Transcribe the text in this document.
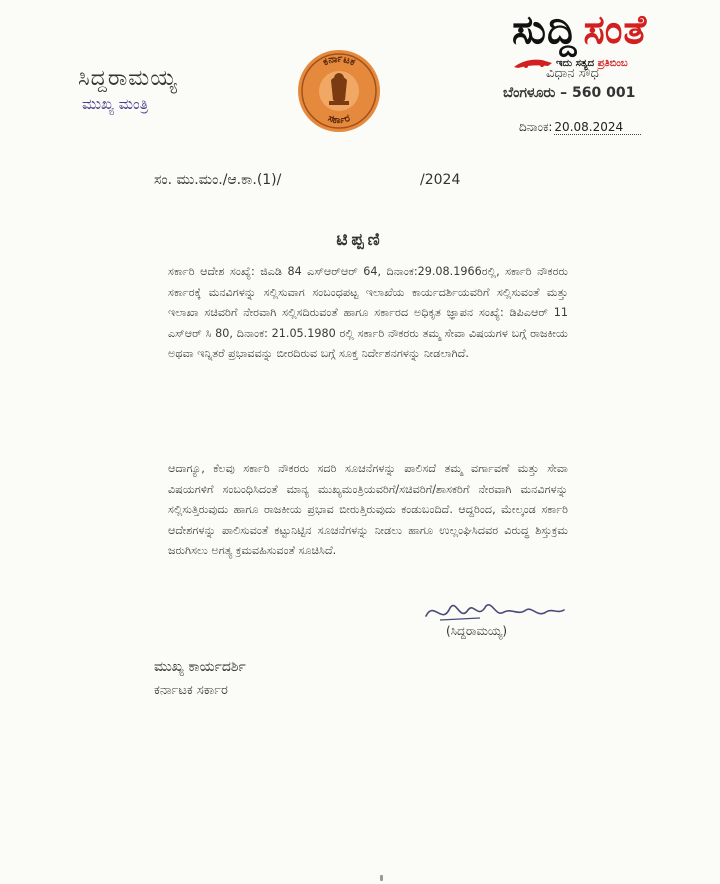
ಸುದ್ದಿ ಸಂತೆ
ಇದು ಸತ್ಯದ ಪ್ರತಿಬಿಂಬ
ಸಿದ್ದರಾಮಯ್ಯ
ಮುಖ್ಯ ಮಂತ್ರಿ
ಕರ್ನಾಟಕ
ಸರ್ಕಾರ
ವಿಧಾನ ಸೌಧ
ಬೆಂಗಳೂರು – 560 001
ದಿನಾಂಕ: 20.08.2024
ಸಂ. ಮು.ಮಂ./ಆ.ಕಾ.(1)/	/2024
ಟಿಪ್ಪಣಿ
ಸರ್ಕಾರಿ ಆದೇಶ ಸಂಖ್ಯೆ: ಜಿಎಡಿ 84 ಎಸ್‌ಆರ್‌ಆರ್ 64, ದಿನಾಂಕ:29.08.1966ರಲ್ಲಿ, ಸರ್ಕಾರಿ ನೌಕರರು ಸರ್ಕಾರಕ್ಕೆ ಮನವಿಗಳನ್ನು ಸಲ್ಲಿಸುವಾಗ ಸಂಬಂಧಪಟ್ಟ ಇಲಾಖೆಯ ಕಾರ್ಯದರ್ಶಿಯವರಿಗೆ ಸಲ್ಲಿಸುವಂತೆ ಮತ್ತು ಇಲಾಖಾ ಸಚಿವರಿಗೆ ನೇರವಾಗಿ ಸಲ್ಲಿಸದಿರುವಂತೆ ಹಾಗೂ ಸರ್ಕಾರದ ಅಧಿಕೃತ ಜ್ಞಾಪನ ಸಂಖ್ಯೆ: ಡಿಪಿಎಆರ್ 11 ಎಸ್‌ಆರ್ ಸಿ 80, ದಿನಾಂಕ: 21.05.1980 ರಲ್ಲಿ ಸರ್ಕಾರಿ ನೌಕರರು ತಮ್ಮ ಸೇವಾ ವಿಷಯಗಳ ಬಗ್ಗೆ ರಾಜಕೀಯ ಅಥವಾ ಇನ್ನಿತರೆ ಪ್ರಭಾವವನ್ನು ಬೀರದಿರುವ ಬಗ್ಗೆ ಸೂಕ್ತ ನಿರ್ದೇಶನಗಳನ್ನು ನೀಡಲಾಗಿದೆ.
ಆದಾಗ್ಯೂ, ಕೆಲವು ಸರ್ಕಾರಿ ನೌಕರರು ಸದರಿ ಸೂಚನೆಗಳನ್ನು ಪಾಲಿಸದೆ ತಮ್ಮ ವರ್ಗಾವಣೆ ಮತ್ತು ಸೇವಾ ವಿಷಯಗಳಿಗೆ ಸಂಬಂಧಿಸಿದಂತೆ ಮಾನ್ಯ ಮುಖ್ಯಮಂತ್ರಿಯವರಿಗೆ/ಸಚಿವರಿಗೆ/ಶಾಸಕರಿಗೆ ನೇರವಾಗಿ ಮನವಿಗಳನ್ನು ಸಲ್ಲಿಸುತ್ತಿರುವುದು ಹಾಗೂ ರಾಜಕೀಯ ಪ್ರಭಾವ ಬೀರುತ್ತಿರುವುದು ಕಂಡುಬಂದಿದೆ. ಆದ್ದರಿಂದ, ಮೇಲ್ಕಂಡ ಸರ್ಕಾರಿ ಆದೇಶಗಳನ್ನು ಪಾಲಿಸುವಂತೆ ಕಟ್ಟುನಿಟ್ಟಿನ ಸೂಚನೆಗಳನ್ನು ನೀಡಲು ಹಾಗೂ ಉಲ್ಲಂಘಿಸಿದವರ ವಿರುದ್ಧ ಶಿಸ್ತುಕ್ರಮ ಜರುಗಿಸಲು ಅಗತ್ಯ ಕ್ರಮವಹಿಸುವಂತೆ ಸೂಚಿಸಿದೆ.
(ಸಿದ್ದರಾಮಯ್ಯ)
ಮುಖ್ಯ ಕಾರ್ಯದರ್ಶಿ
ಕರ್ನಾಟಕ ಸರ್ಕಾರ
